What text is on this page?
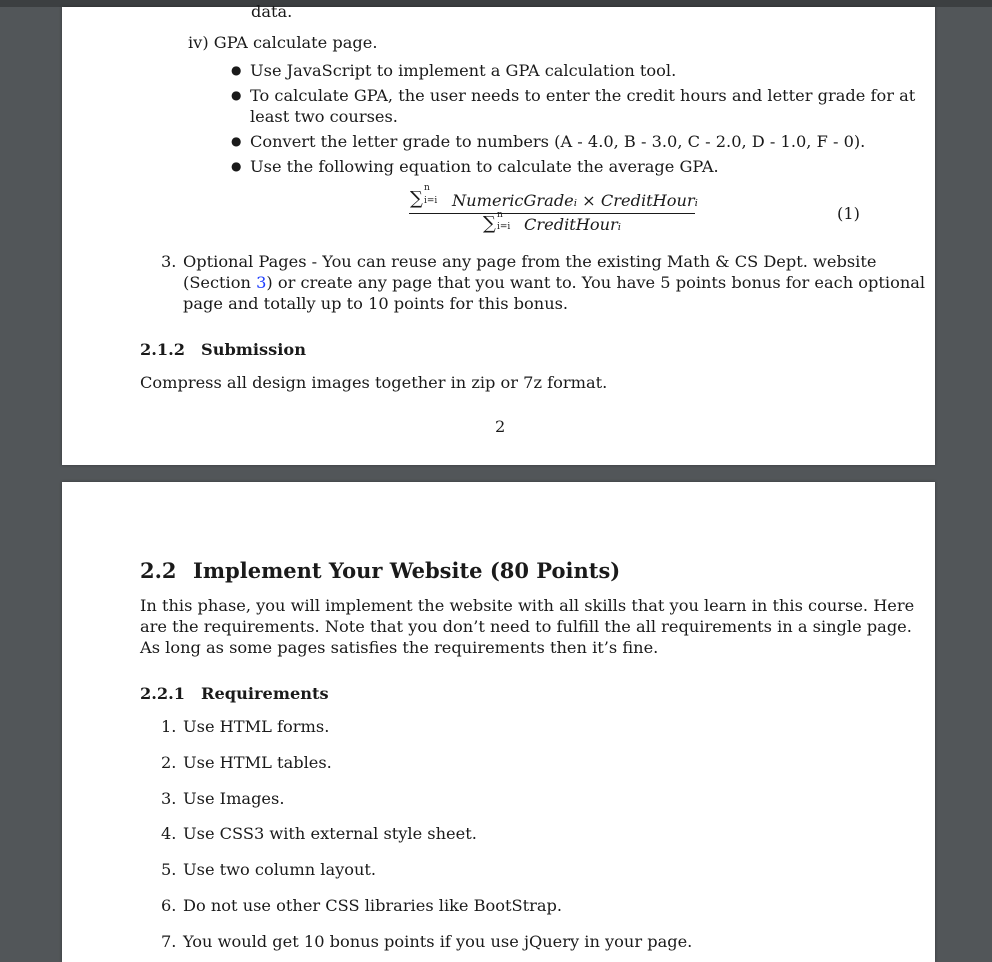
data.
iv) GPA calculate page.
● Use JavaScript to implement a GPA calculation tool.
● To calculate GPA, the user needs to enter the credit hours and letter grade for at
least two courses.
● Convert the letter grade to numbers (A - 4.0, B - 3.0, C - 2.0, D - 1.0, F - 0).
● Use the following equation to calculate the average GPA.
∑ n
i=i NumericGradeᵢ × CreditHourᵢ
∑ n
i=i CreditHourᵢ
(1)
3. Optional Pages - You can reuse any page from the existing Math & CS Dept. website
(Section 3) or create any page that you want to. You have 5 points bonus for each optional
page and totally up to 10 points for this bonus.
2.1.2 Submission
Compress all design images together in zip or 7z format.
2
2.2 Implement Your Website (80 Points)
In this phase, you will implement the website with all skills that you learn in this course. Here
are the requirements. Note that you don’t need to fulfill the all requirements in a single page.
As long as some pages satisfies the requirements then it’s fine.
2.2.1 Requirements
1. Use HTML forms.
2. Use HTML tables.
3. Use Images.
4. Use CSS3 with external style sheet.
5. Use two column layout.
6. Do not use other CSS libraries like BootStrap.
7. You would get 10 bonus points if you use jQuery in your page.
